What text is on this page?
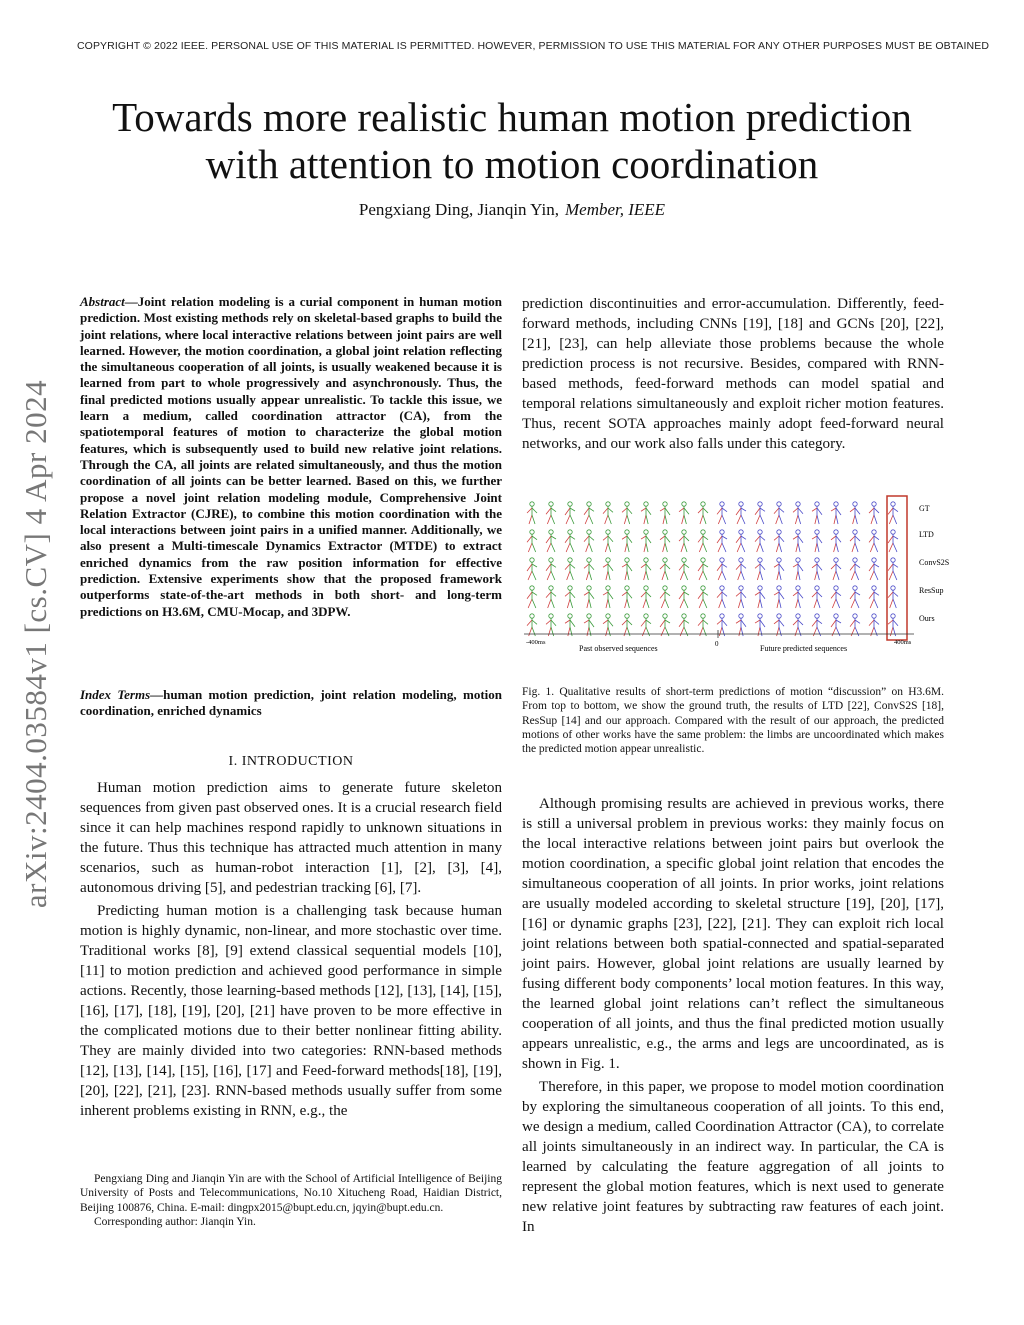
COPYRIGHT © 2022 IEEE. PERSONAL USE OF THIS MATERIAL IS PERMITTED. HOWEVER, PERMISSION TO USE THIS MATERIAL FOR ANY OTHER PURPOSES MUST BE OBTAINED
Towards more realistic human motion prediction
with attention to motion coordination
Pengxiang Ding, Jianqin Yin, Member, IEEE
arXiv:2404.03584v1 [cs.CV] 4 Apr 2024
Abstract—Joint relation modeling is a curial component in human motion prediction. Most existing methods rely on skeletal-based graphs to build the joint relations, where local interactive relations between joint pairs are well learned. However, the motion coordination, a global joint relation reflecting the simultaneous cooperation of all joints, is usually weakened because it is learned from part to whole progressively and asynchronously. Thus, the final predicted motions usually appear unrealistic. To tackle this issue, we learn a medium, called coordination attractor (CA), from the spatiotemporal features of motion to characterize the global motion features, which is subsequently used to build new relative joint relations. Through the CA, all joints are related simultaneously, and thus the motion coordination of all joints can be better learned. Based on this, we further propose a novel joint relation modeling module, Comprehensive Joint Relation Extractor (CJRE), to combine this motion coordination with the local interactions between joint pairs in a unified manner. Additionally, we also present a Multi-timescale Dynamics Extractor (MTDE) to extract enriched dynamics from the raw position information for effective prediction. Extensive experiments show that the proposed framework outperforms state-of-the-art methods in both short- and long-term predictions on H3.6M, CMU-Mocap, and 3DPW.
Index Terms—human motion prediction, joint relation modeling, motion coordination, enriched dynamics
I. INTRODUCTION

Human motion prediction aims to generate future skeleton sequences from given past observed ones. It is a crucial research field since it can help machines respond rapidly to unknown situations in the future. Thus this technique has attracted much attention in many scenarios, such as human-robot interaction [1], [2], [3], [4], autonomous driving [5], and pedestrian tracking [6], [7].

Predicting human motion is a challenging task because human motion is highly dynamic, non-linear, and more stochastic over time. Traditional works [8], [9] extend classical sequential models [10], [11] to motion prediction and achieved good performance in simple actions. Recently, those learning-based methods [12], [13], [14], [15], [16], [17], [18], [19], [20], [21] have proven to be more effective in the complicated motions due to their better nonlinear fitting ability. They are mainly divided into two categories: RNN-based methods [12], [13], [14], [15], [16], [17] and Feed-forward methods[18], [19], [20], [22], [21], [23]. RNN-based methods usually suffer from some inherent problems existing in RNN, e.g., the

Pengxiang Ding and Jianqin Yin are with the School of Artificial Intelligence of Beijing University of Posts and Telecommunications, No.10 Xitucheng Road, Haidian District, Beijing 100876, China. E-mail: dingpx2015@bupt.edu.cn, jqyin@bupt.edu.cn.

Corresponding author: Jianqin Yin.

prediction discontinuities and error-accumulation. Differently, feed-forward methods, including CNNs [19], [18] and GCNs [20], [22], [21], [23], can help alleviate those problems because the whole prediction process is not recursive. Besides, compared with RNN-based methods, feed-forward methods can model spatial and temporal relations simultaneously and exploit richer motion features. Thus, recent SOTA approaches mainly adopt feed-forward neural networks, and our work also falls under this category.

GT
LTD
ConvS2S
ResSup
Ours
-400ms	0	400ms
Past observed sequences	Future predicted sequences
Fig. 1. Qualitative results of short-term predictions of motion “discussion” on H3.6M. From top to bottom, we show the ground truth, the results of LTD [22], ConvS2S [18], ResSup [14] and our approach. Compared with the result of our approach, the predicted motions of other works have the same problem: the limbs are uncoordinated which makes the predicted motion appear unrealistic.

Although promising results are achieved in previous works, there is still a universal problem in previous works: they mainly focus on the local interactive relations between joint pairs but overlook the motion coordination, a specific global joint relation that encodes the simultaneous cooperation of all joints. In prior works, joint relations are usually modeled according to skeletal structure [19], [20], [17], [16] or dynamic graphs [23], [22], [21]. They can exploit rich local joint relations between both spatial-connected and spatial-separated joint pairs. However, global joint relations are usually learned by fusing different body components’ local motion features. In this way, the learned global joint relations can’t reflect the simultaneous cooperation of all joints, and thus the final predicted motion usually appears unrealistic, e.g., the arms and legs are uncoordinated, as is shown in Fig. 1.

Therefore, in this paper, we propose to model motion coordination by exploring the simultaneous cooperation of all joints. To this end, we design a medium, called Coordination Attractor (CA), to correlate all joints simultaneously in an indirect way. In particular, the CA is learned by calculating the feature aggregation of all joints to represent the global motion features, which is next used to generate new relative joint features by subtracting raw features of each joint. In
